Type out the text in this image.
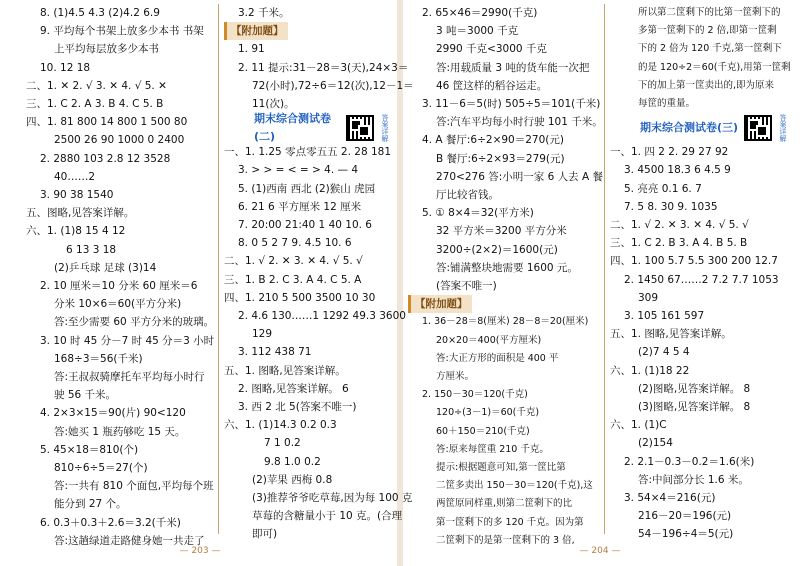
8. (1)4.5 4.3 (2)4.2 6.9
9. 平均每个书架上放多少本书 书架
上平均每层放多少本书
10. 12 18
二、1. ✕ 2. √ 3. ✕ 4. √ 5. ✕
三、1. C 2. A 3. B 4. C 5. B
四、1. 81 800 14 800 1 500 80
2500 26 90 1000 0 2400
2. 2880 103 2.8 12 3528
40……2
3. 90 38 1540
五、图略,见答案详解。
六、1. (1)8 15 4 12
6 13 3 18
(2)乒乓球 足球 (3)14
2. 10 厘米＝10 分米 60 厘米＝6
分米 10×6＝60(平方分米)
答:至少需要 60 平方分米的玻璃。
3. 10 时 45 分－7 时 45 分＝3 小时
168÷3＝56(千米)
答:王叔叔骑摩托车平均每小时行
驶 56 千米。
4. 2×3×15＝90(片) 90<120
答:她买 1 瓶药够吃 15 天。
5. 45×18＝810(个)
810÷6÷5＝27(个)
答:一共有 810 个面包,平均每个班
能分到 27 个。
6. 0.3＋0.3＋2.6＝3.2(千米)
答:这趟绿道走路健身她一共走了
3.2 千米。
【附加题】
1. 91
2. 11 提示:31－28＝3(天),24×3＝
72(小时),72÷6＝12(次),12－1＝
11(次)。
期末综合测试卷(二)	答案详解
一、1. 1.25 零点零五五 2. 28 181
3. > > = < = > 4. — 4
5. (1)西南 西北 (2)猴山 虎园
6. 21 6 平方厘米 12 厘米
7. 20:00 21:40 1 40 10. 6
8. 0 5 2 7 9. 4.5 10. 6
二、1. √ 2. ✕ 3. ✕ 4. √ 5. √
三、1. B 2. C 3. A 4. C 5. A
四、1. 210 5 500 3500 10 30
2. 4.6 130……1 1292 49.3 3600
129
3. 112 438 71
五、1. 图略,见答案详解。
2. 图略,见答案详解。 6
3. 西 2 北 5(答案不唯一)
六、1. (1)14.3 0.2 0.3
7 1 0.2
9.8 1.0 0.2
(2)苹果 西梅 0.8
(3)推荐爷爷吃草莓,因为每 100 克
草莓的含糖量小于 10 克。(合理
即可)
— 203 —
2. 65×46＝2990(千克)
3 吨＝3000 千克
2990 千克<3000 千克
答:用载质量 3 吨的货车能一次把
46 筐这样的稻谷运走。
3. 11－6＝5(时) 505÷5＝101(千米)
答:汽车平均每小时行驶 101 千米。
4. A 餐厅:6÷2×90＝270(元)
B 餐厅:6÷2×93＝279(元)
270<276 答:小明一家 6 人去 A 餐
厅比较省钱。
5. ① 8×4＝32(平方米)
32 平方米＝3200 平方分米
3200÷(2×2)＝1600(元)
答:铺满整块地需要 1600 元。
(答案不唯一)
【附加题】
1. 36－28＝8(厘米) 28－8＝20(厘米)
20×20＝400(平方厘米)
答:大正方形的面积是 400 平
方厘米。
2. 150－30＝120(千克)
120÷(3－1)＝60(千克)
60＋150＝210(千克)
答:原来每筐重 210 千克。
提示:根据题意可知,第一筐比第
二筐多卖出 150－30＝120(千克),这
两筐原同样重,则第二筐剩下的比
第一筐剩下的多 120 千克。因为第
二筐剩下的是第一筐剩下的 3 倍,
所以第二筐剩下的比第一筐剩下的
多第一筐剩下的 2 倍,即第一筐剩
下的 2 倍为 120 千克,第一筐剩下
的是 120÷2＝60(千克),用第一筐剩
下的加上第一筐卖出的,即为原来
每筐的重量。
期末综合测试卷(三)	答案详解
一、1. 四 2 2. 29 27 92
3. 4500 18.3 6 4.5 9
5. 亮亮 0.1 6. 7
7. 5 8. 30 9. 1035
二、1. √ 2. ✕ 3. ✕ 4. √ 5. √
三、1. C 2. B 3. A 4. B 5. B
四、1. 100 5.7 5.5 300 200 12.7
2. 1450 67……2 7.2 7.7 1053
309
3. 105 161 597
五、1. 图略,见答案详解。
(2)7 4 5 4
六、1. (1)18 22
(2)图略,见答案详解。 8
(3)图略,见答案详解。 8
六、1. (1)C
(2)154
2. 2.1－0.3－0.2＝1.6(米)
答:中间部分长 1.6 米。
3. 54×4＝216(元)
216－20＝196(元)
54－196÷4＝5(元)
— 204 —
